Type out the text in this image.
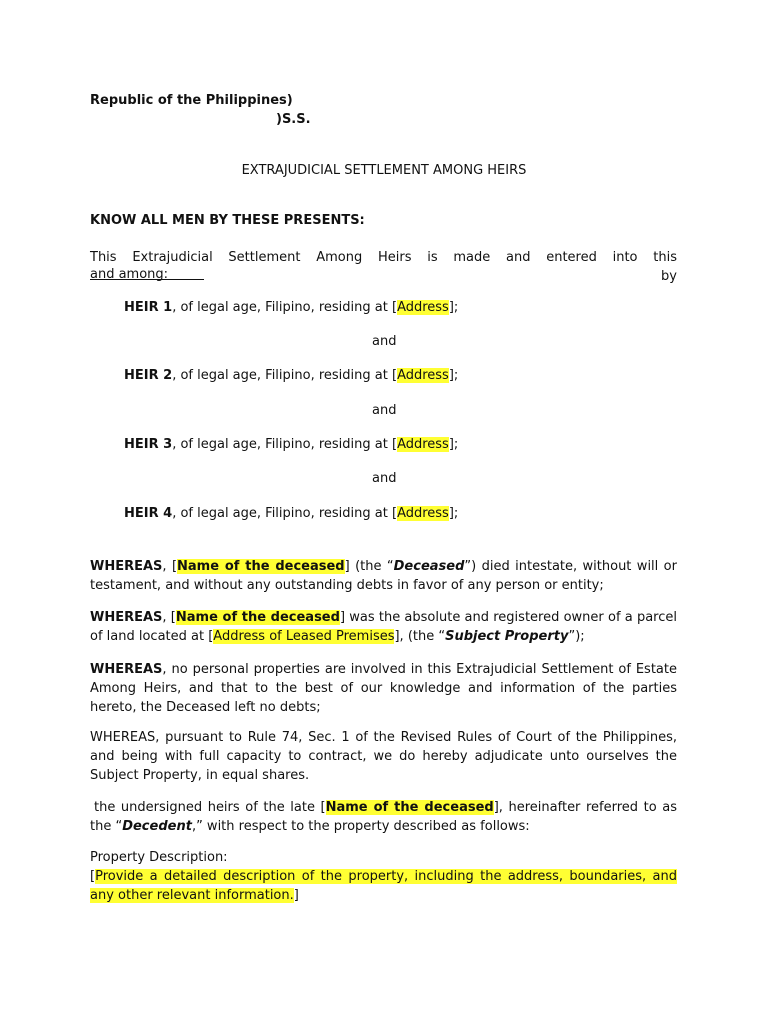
Republic of the Philippines)
)S.S.
EXTRAJUDICIAL SETTLEMENT AMONG HEIRS
KNOW ALL MEN BY THESE PRESENTS:
This Extrajudicial Settlement Among Heirs is made and entered into this  by
and among:
HEIR 1, of legal age, Filipino, residing at [Address];
and
HEIR 2, of legal age, Filipino, residing at [Address];
and
HEIR 3, of legal age, Filipino, residing at [Address];
and
HEIR 4, of legal age, Filipino, residing at [Address];
WHEREAS, [Name of the deceased] (the “Deceased”) died intestate, without will or testament, and without any outstanding debts in favor of any person or entity;
WHEREAS, [Name of the deceased] was the absolute and registered owner of a parcel of land located at [Address of Leased Premises], (the “Subject Property”);
WHEREAS, no personal properties are involved in this Extrajudicial Settlement of Estate Among Heirs, and that to the best of our knowledge and information of the parties hereto, the Deceased left no debts;
WHEREAS, pursuant to Rule 74, Sec. 1 of the Revised Rules of Court of the Philippines, and being with full capacity to contract, we do hereby adjudicate unto ourselves the Subject Property, in equal shares.
the undersigned heirs of the late [Name of the deceased], hereinafter referred to as the “Decedent,” with respect to the property described as follows:
Property Description:
[Provide a detailed description of the property, including the address, boundaries, and any other relevant information.]
